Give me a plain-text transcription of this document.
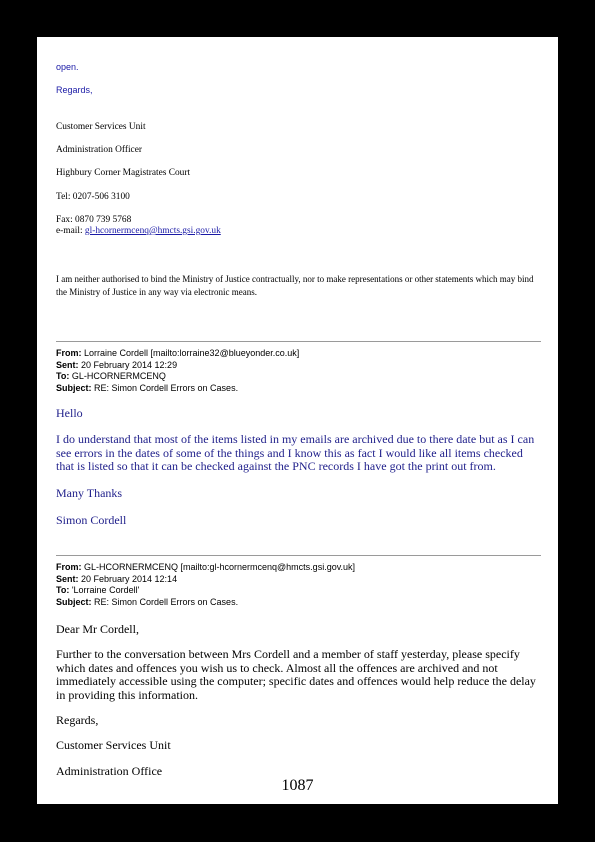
open.
Regards,
Customer Services Unit
Administration Officer
Highbury Corner Magistrates Court
Tel: 0207-506 3100
Fax: 0870 739 5768
e-mail: gl-hcornermcenq@hmcts.gsi.gov.uk
I am neither authorised to bind the Ministry of Justice contractually, nor to make representations or other statements which may bind the Ministry of Justice in any way via electronic means.
From: Lorraine Cordell [mailto:lorraine32@blueyonder.co.uk]
Sent: 20 February 2014 12:29
To: GL-HCORNERMCENQ
Subject: RE: Simon Cordell Errors on Cases.
Hello
I do understand that most of the items listed in my emails are archived due to there date but as I can see errors in the dates of some of the things and I know this as fact I would like all items checked that is listed so that it can be checked against the PNC records I have got the print out from.
Many Thanks
Simon Cordell
From: GL-HCORNERMCENQ [mailto:gl-hcornermcenq@hmcts.gsi.gov.uk]
Sent: 20 February 2014 12:14
To: 'Lorraine Cordell'
Subject: RE: Simon Cordell Errors on Cases.
Dear Mr Cordell,
Further to the conversation between Mrs Cordell and a member of staff yesterday, please specify which dates and offences you wish us to check. Almost all the offences are archived and not immediately accessible using the computer; specific dates and offences would help reduce the delay in providing this information.
Regards,
Customer Services Unit
Administration Office
1087
